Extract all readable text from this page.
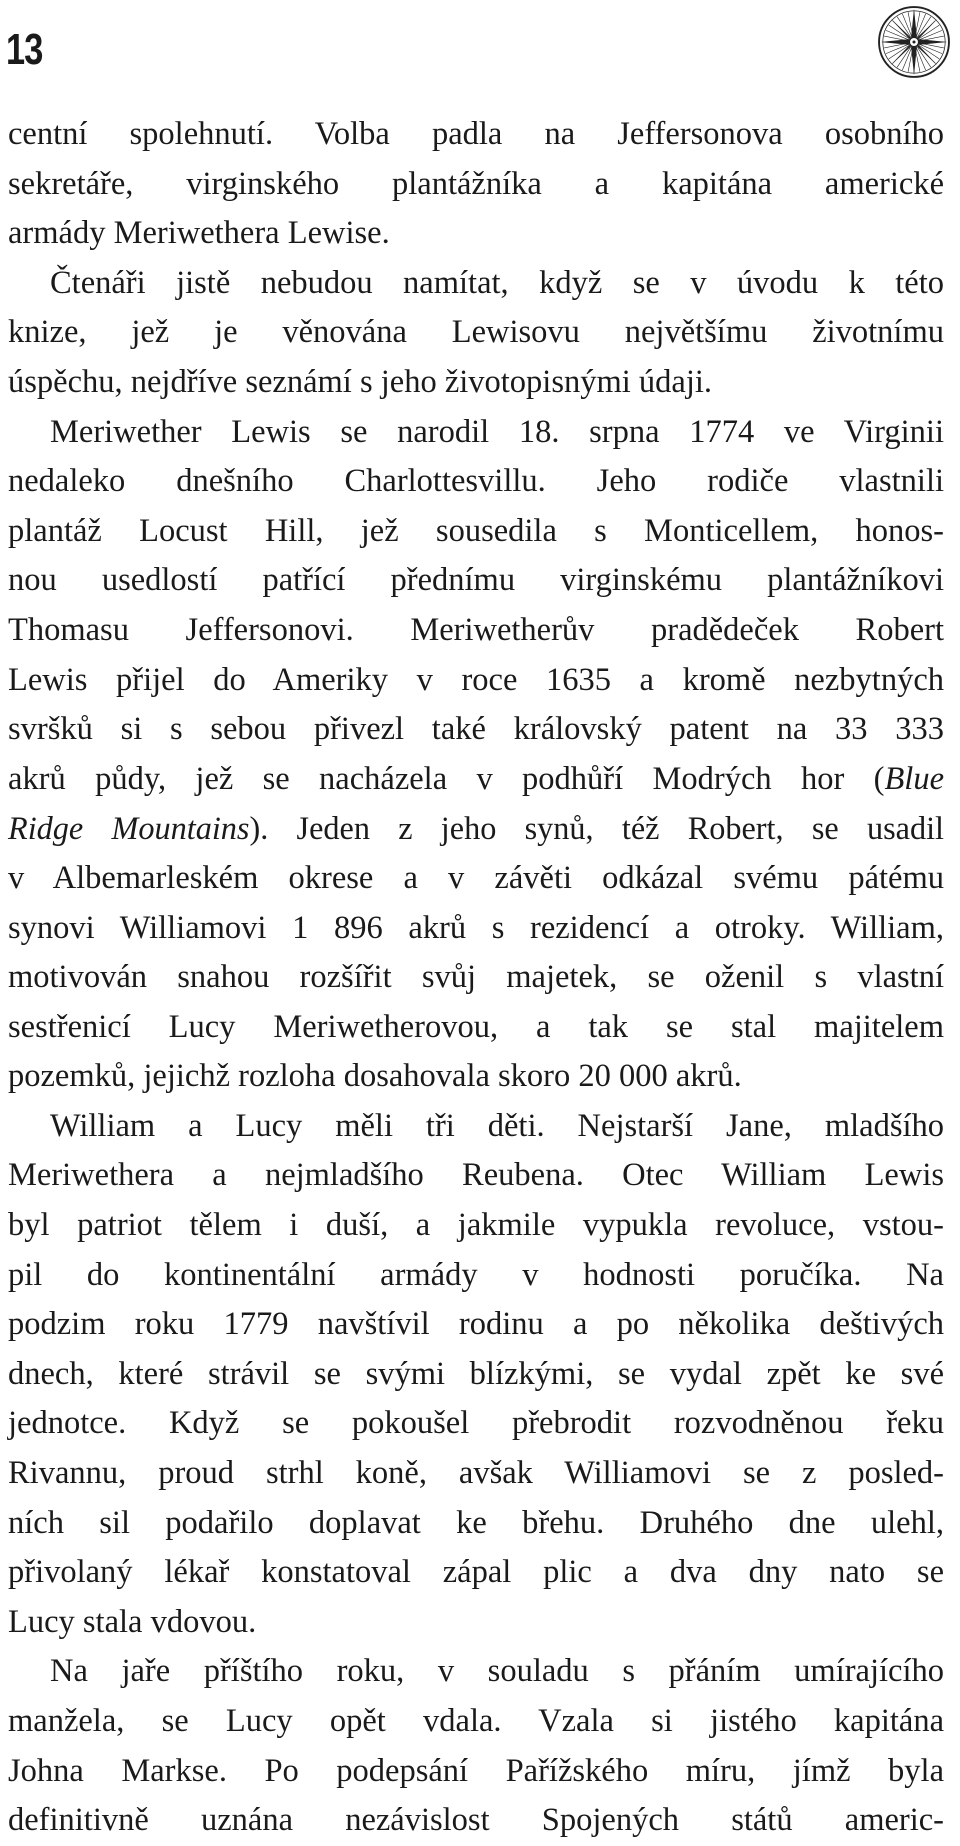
13
centní spolehnutí. Volba padla na Jeffersonova osobního
sekretáře, virginského plantážníka a kapitána americké
armády Meriwethera Lewise.
Čtenáři jistě nebudou namítat, když se v úvodu k této
knize, jež je věnována Lewisovu největšímu životnímu
úspěchu, nejdříve seznámí s jeho životopisnými údaji.
Meriwether Lewis se narodil 18. srpna 1774 ve Virginii
nedaleko dnešního Charlottesvillu. Jeho rodiče vlastnili
plantáž Locust Hill, jež sousedila s Monticellem, honos-
nou usedlostí patřící přednímu virginskému plantážníkovi
Thomasu Jeffersonovi. Meriwetherův pradědeček Robert
Lewis přijel do Ameriky v roce 1635 a kromě nezbytných
svršků si s sebou přivezl také královský patent na 33 333
akrů půdy, jež se nacházela v podhůří Modrých hor (Blue
Ridge Mountains). Jeden z jeho synů, též Robert, se usadil
v Albemarleském okrese a v závěti odkázal svému pátému
synovi Williamovi 1 896 akrů s rezidencí a otroky. William,
motivován snahou rozšířit svůj majetek, se oženil s vlastní
sestřenicí Lucy Meriwetherovou, a tak se stal majitelem
pozemků, jejichž rozloha dosahovala skoro 20 000 akrů.
William a Lucy měli tři děti. Nejstarší Jane, mladšího
Meriwethera a nejmladšího Reubena. Otec William Lewis
byl patriot tělem i duší, a jakmile vypukla revoluce, vstou-
pil do kontinentální armády v hodnosti poručíka. Na
podzim roku 1779 navštívil rodinu a po několika deštivých
dnech, které strávil se svými blízkými, se vydal zpět ke své
jednotce. Když se pokoušel přebrodit rozvodněnou řeku
Rivannu, proud strhl koně, avšak Williamovi se z posled-
ních sil podařilo doplavat ke břehu. Druhého dne ulehl,
přivolaný lékař konstatoval zápal plic a dva dny nato se
Lucy stala vdovou.
Na jaře příštího roku, v souladu s přáním umírajícího
manžela, se Lucy opět vdala. Vzala si jistého kapitána
Johna Markse. Po podepsání Pařížského míru, jímž byla
definitivně uznána nezávislost Spojených států americ-
